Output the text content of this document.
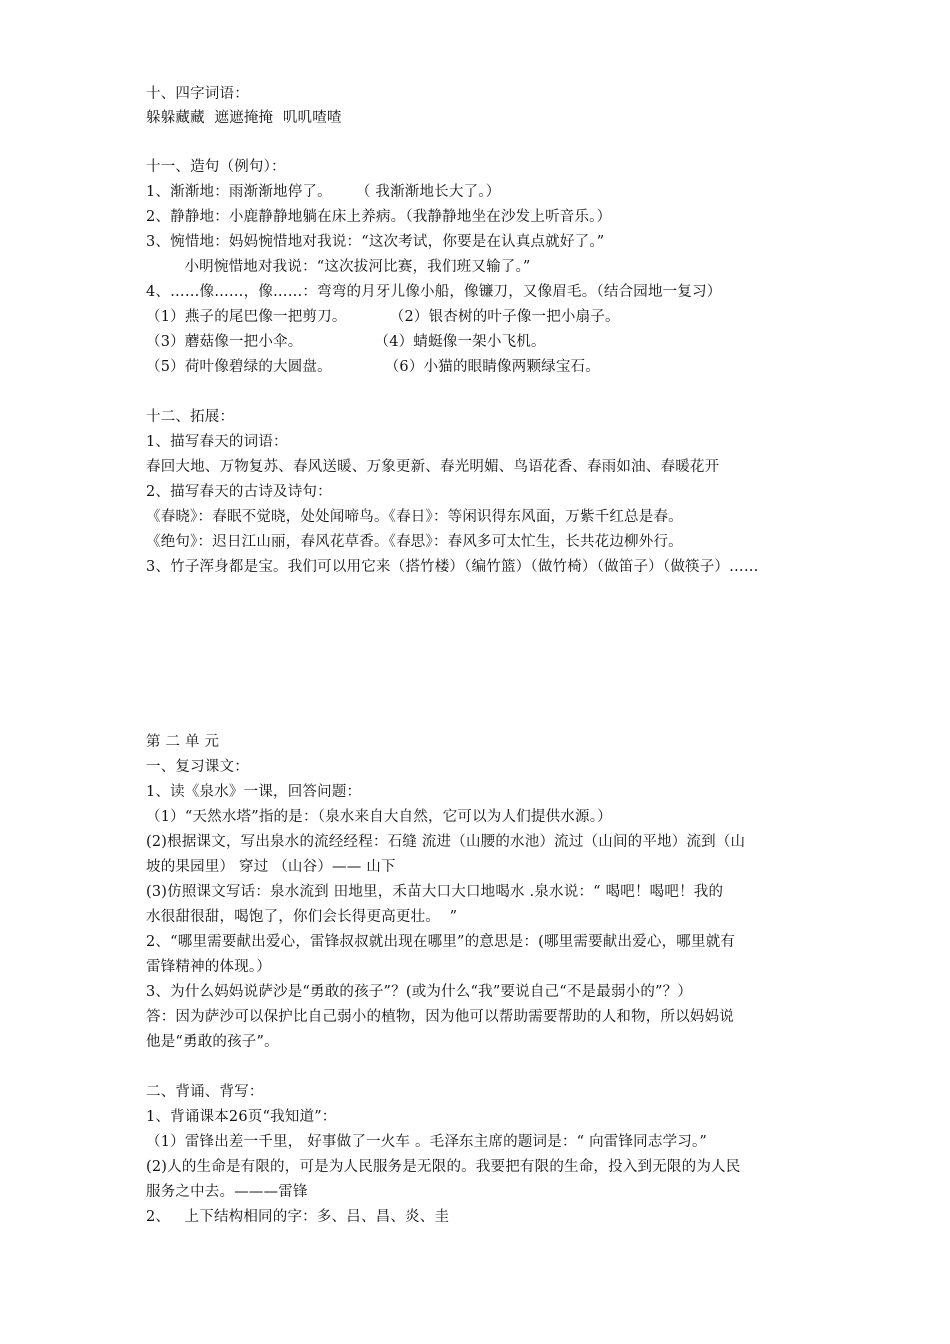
十、四字词语：
躲躲藏藏  遮遮掩掩  叽叽喳喳
十一、造句（例句）：
1、渐渐地：雨渐渐地停了。     （ 我渐渐地长大了。）
2、静静地：小鹿静静地躺在床上养病。（我静静地坐在沙发上听音乐。）
3、惋惜地：妈妈惋惜地对我说：“这次考试，你要是在认真点就好了。”
小明惋惜地对我说：“这次拔河比赛，我们班又输了。”
4、……像……，像……：弯弯的月牙儿像小船，像镰刀，又像眉毛。（结合园地一复习）
（1）燕子的尾巴像一把剪刀。         （2）银杏树的叶子像一把小扇子。
（3）蘑菇像一把小伞。               （4）蜻蜓像一架小飞机。
（5）荷叶像碧绿的大圆盘。           （6）小猫的眼睛像两颗绿宝石。
十二、拓展：
1、描写春天的词语：
春回大地、万物复苏、春风送暖、万象更新、春光明媚、鸟语花香、春雨如油、春暖花开
2、描写春天的古诗及诗句：
《春晓》：春眠不觉晓，处处闻啼鸟。《春日》：等闲识得东风面，万紫千红总是春。
《绝句》：迟日江山丽，春风花草香。《春思》：春风多可太忙生，长共花边柳外行。
3、竹子浑身都是宝。我们可以用它来（搭竹楼）（编竹篮）（做竹椅）（做笛子）（做筷子）……
第 二 单 元
一、复习课文：
1、读《泉水》一课，回答问题：
（1）“天然水塔”指的是：（泉水来自大自然，它可以为人们提供水源。）
(2)根据课文，写出泉水的流经经程：石缝 流进（山腰的水池）流过（山间的平地）流到（山
坡的果园里） 穿过 （山谷）—— 山下
(3)仿照课文写话：泉水流到 田地里，禾苗大口大口地喝水 .泉水说：“ 喝吧！喝吧！我的
水很甜很甜，喝饱了，你们会长得更高更壮。  ”
2、“哪里需要献出爱心，雷锋叔叔就出现在哪里”的意思是：(哪里需要献出爱心，哪里就有
雷锋精神的体现。）
3、为什么妈妈说萨沙是“勇敢的孩子”？(或为什么“我”要说自己“不是最弱小的”？）
答：因为萨沙可以保护比自己弱小的植物，因为他可以帮助需要帮助的人和物，所以妈妈说
他是“勇敢的孩子”。
二、背诵、背写：
1、背诵课本26页“我知道”：
（1）雷锋出差一千里， 好事做了一火车 。毛泽东主席的题词是：“ 向雷锋同志学习。”
(2)人的生命是有限的，可是为人民服务是无限的。我要把有限的生命，投入到无限的为人民
服务之中去。———雷锋
2、   上下结构相同的字：多、吕、昌、炎、圭
